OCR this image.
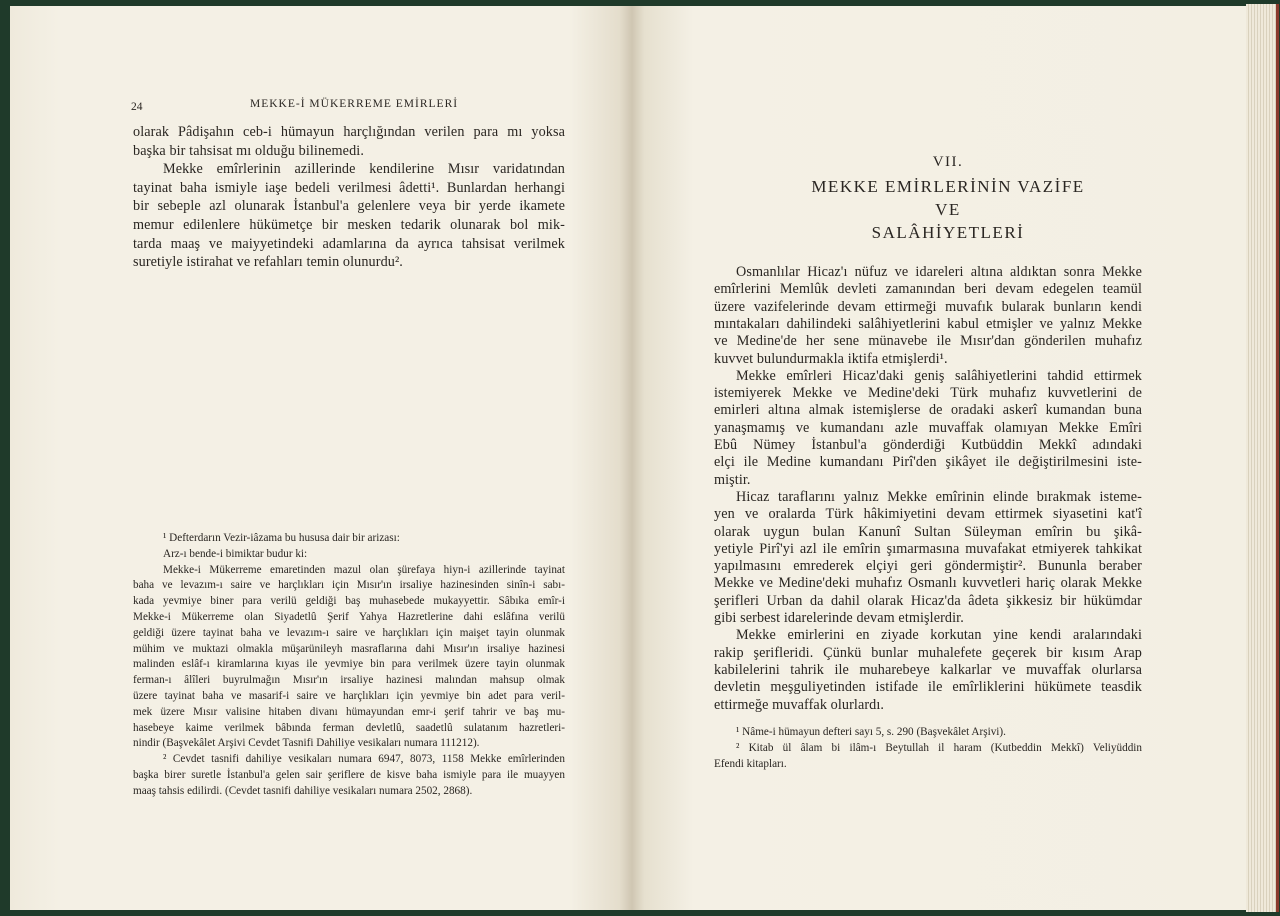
24	MEKKE-İ MÜKERREME EMİRLERİ
VII.
MEKKE EMİRLERİNİN VAZİFE
VE
SALÂHİYETLERİ
olarak Pâdişahın ceb-i hümayun harçlığından verilen para mı yoksa
başka bir tahsisat mı olduğu bilinemedi.
Mekke emîrlerinin azillerinde kendilerine Mısır varidatından
tayinat baha ismiyle iaşe bedeli verilmesi âdetti¹. Bunlardan herhangi
bir sebeple azl olunarak İstanbul'a gelenlere veya bir yerde ikamete
memur edilenlere hükümetçe bir mesken tedarik olunarak bol mik-
tarda maaş ve maiyyetindeki adamlarına da ayrıca tahsisat verilmek
suretiyle istirahat ve refahları temin olunurdu².
¹ Defterdarın Vezir-iâzama bu hususa dair bir arizası:
Arz-ı bende-i bimiktar budur ki:
Mekke-i Mükerreme emaretinden mazul olan şürefaya hiyn-i azillerinde tayinat
baha ve levazım-ı saire ve harçlıkları için Mısır'ın irsaliye hazinesinden sinîn-i sabı-
kada yevmiye biner para verilü geldiği baş muhasebede mukayyettir. Sâbıka emîr-i
Mekke-i Mükerreme olan Siyadetlû Şerif Yahya Hazretlerine dahi eslâfına verilü
geldiği üzere tayinat baha ve levazım-ı saire ve harçlıkları için maişet tayin olunmak
mühim ve muktazi olmakla müşarünileyh masraflarına dahi Mısır'ın irsaliye hazinesi
malinden eslâf-ı kiramlarına kıyas ile yevmiye bin para verilmek üzere tayin olunmak
ferman-ı âlîleri buyrulmağın Mısır'ın irsaliye hazinesi malından mahsup olmak
üzere tayinat baha ve masarif-i saire ve harçlıkları için yevmiye bin adet para veril-
mek üzere Mısır valisine hitaben divanı hümayundan emr-i şerif tahrir ve baş mu-
hasebeye kaime verilmek bâbında ferman devletlû, saadetlû sulatanım hazretleri-
nindir (Başvekâlet Arşivi Cevdet Tasnifi Dahiliye vesikaları numara 111212).
² Cevdet tasnifi dahiliye vesikaları numara 6947, 8073, 1158 Mekke emîrlerinden
başka birer suretle İstanbul'a gelen sair şeriflere de kisve baha ismiyle para ile muayyen
maaş tahsis edilirdi. (Cevdet tasnifi dahiliye vesikaları numara 2502, 2868).
Osmanlılar Hicaz'ı nüfuz ve idareleri altına aldıktan sonra Mekke
emîrlerini Memlûk devleti zamanından beri devam edegelen teamül
üzere vazifelerinde devam ettirmeği muvafık bularak bunların kendi
mıntakaları dahilindeki salâhiyetlerini kabul etmişler ve yalnız Mekke
ve Medine'de her sene münavebe ile Mısır'dan gönderilen muhafız
kuvvet bulundurmakla iktifa etmişlerdi¹.
Mekke emîrleri Hicaz'daki geniş salâhiyetlerini tahdid ettirmek
istemiyerek Mekke ve Medine'deki Türk muhafız kuvvetlerini de
emirleri altına almak istemişlerse de oradaki askerî kumandan buna
yanaşmamış ve kumandanı azle muvaffak olamıyan Mekke Emîri
Ebû Nümey İstanbul'a gönderdiği Kutbüddin Mekkî adındaki
elçi ile Medine kumandanı Pirî'den şikâyet ile değiştirilmesini iste-
miştir.
Hicaz taraflarını yalnız Mekke emîrinin elinde bırakmak isteme-
yen ve oralarda Türk hâkimiyetini devam ettirmek siyasetini kat'î
olarak uygun bulan Kanunî Sultan Süleyman emîrin bu şikâ-
yetiyle Pirî'yi azl ile emîrin şımarmasına muvafakat etmiyerek tahkikat
yapılmasını emrederek elçiyi geri göndermiştir². Bununla beraber
Mekke ve Medine'deki muhafız Osmanlı kuvvetleri hariç olarak Mekke
şerifleri Urban da dahil olarak Hicaz'da âdeta şikkesiz bir hükümdar
gibi serbest idarelerinde devam etmişlerdir.
Mekke emirlerini en ziyade korkutan yine kendi aralarındaki
rakip şerifleridi. Çünkü bunlar muhalefete geçerek bir kısım Arap
kabilelerini tahrik ile muharebeye kalkarlar ve muvaffak olurlarsa
devletin meşguliyetinden istifade ile emîrliklerini hükümete teasdik
ettirmeğe muvaffak olurlardı.
¹ Nâme-i hümayun defteri sayı 5, s. 290 (Başvekâlet Arşivi).
² Kitab ül âlam bi ilâm-ı Beytullah il haram (Kutbeddin Mekkî) Veliyüddin
Efendi kitapları.
